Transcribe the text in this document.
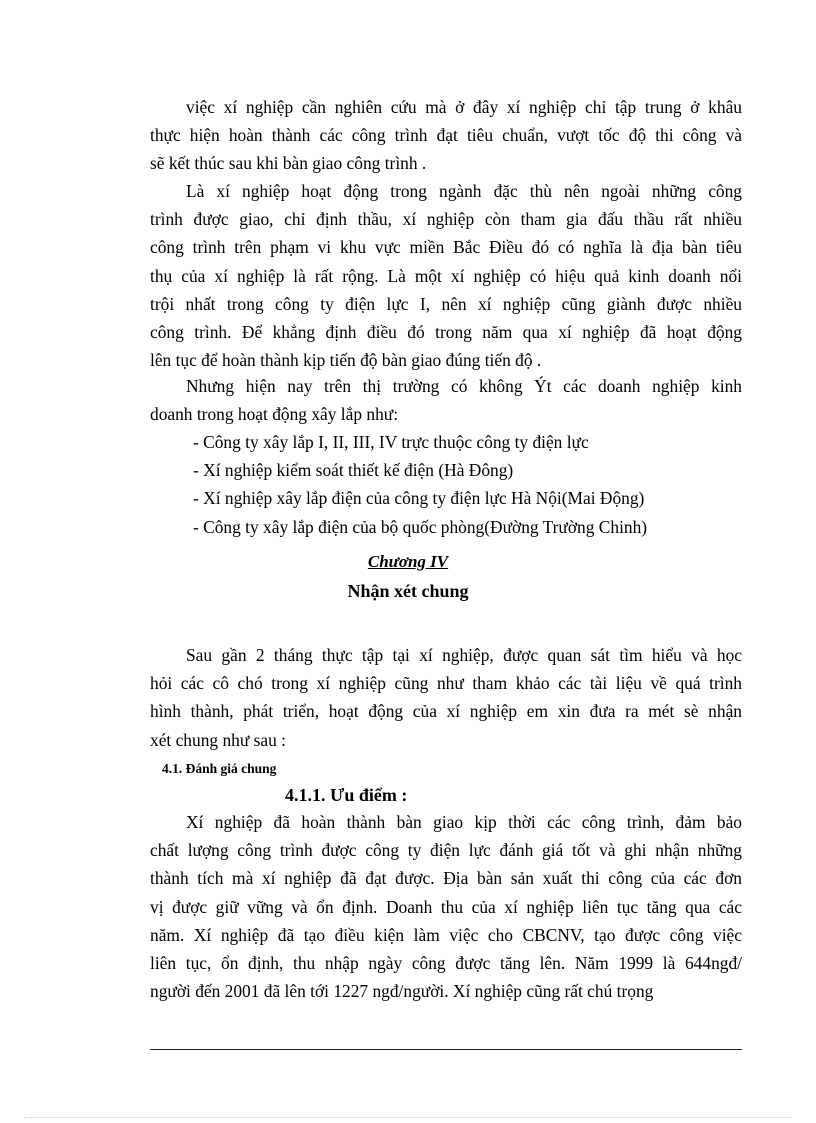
việc xí nghiệp cần nghiên cứu mà ở đây xí nghiệp chỉ tập trung ở khâu
thực hiện hoàn thành các công trình đạt tiêu chuẩn, vượt tốc độ thi công và
sẽ kết thúc sau khi bàn giao công trình .
Là xí nghiệp hoạt động trong ngành đặc thù nên ngoài những công
trình được giao, chỉ định thầu, xí nghiệp còn tham gia đấu thầu rất nhiều
công trình trên phạm vi khu vực miền Bắc Điều đó có nghĩa là địa bàn tiêu
thụ của xí nghiệp là rất rộng. Là một xí nghiệp có hiệu quả kinh doanh nổi
trội nhất trong công ty điện lực I, nên xí nghiệp cũng giành được nhiều
công trình. Để khẳng định điều đó trong năm qua xí nghiệp đã hoạt động
lên tục để hoàn thành kịp tiến độ bàn giao đúng tiến độ .
Nhưng hiện nay trên thị trường có không Ýt các doanh nghiệp kinh
doanh trong hoạt động xây lắp như:
- Công ty xây lắp I, II, III, IV trực thuộc công ty điện lực
- Xí nghiệp kiểm soát thiết kế điện (Hà Đông)
- Xí nghiệp xây lắp điện của công ty điện lực Hà Nội(Mai Động)
- Công ty xây lắp điện của bộ quốc phòng(Đường Trường Chinh)
Chương IV
Nhận xét chung
Sau gần 2 tháng thực tập tại xí nghiệp, được quan sát tìm hiểu và học
hỏi các cô chó trong xí nghiệp cũng như tham khảo các tài liệu về quá trình
hình thành, phát triển, hoạt động của xí nghiệp em xin đưa ra mét sè nhận
xét chung như sau :
4.1. Đánh giá chung
4.1.1. Ưu điểm :
Xí nghiệp đã hoàn thành bàn giao kịp thời các công trình, đảm bảo
chất lượng công trình được công ty điện lực đánh giá tốt và ghi nhận những
thành tích mà xí nghiệp đã đạt được. Địa bàn sản xuất thi công của các đơn
vị được giữ vững và ổn định. Doanh thu của xí nghiệp liên tục tăng qua các
năm. Xí nghiệp đã tạo điều kiện làm việc cho CBCNV, tạo được công việc
liên tục, ổn định, thu nhập ngày công được tăng lên. Năm 1999 là 644ngđ/
người đến 2001 đã lên tới 1227 ngđ/người. Xí nghiệp cũng rất chú trọng
